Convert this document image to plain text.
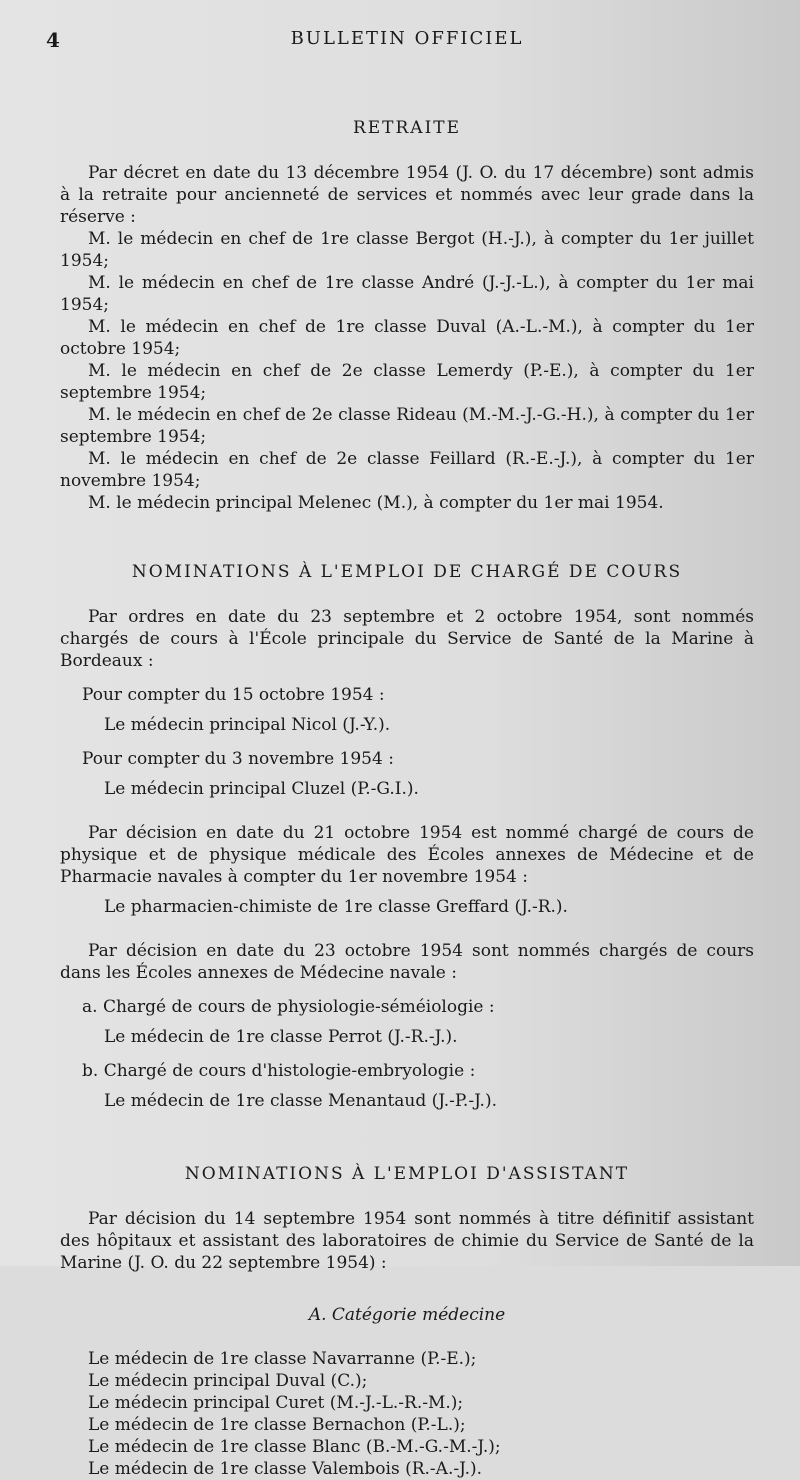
4	BULLETIN OFFICIEL
RETRAITE

Par décret en date du 13 décembre 1954 (J. O. du 17 décembre) sont admis à la retraite pour ancienneté de services et nommés avec leur grade dans la réserve :

M. le médecin en chef de 1re classe Bergot (H.-J.), à compter du 1er juillet 1954;

M. le médecin en chef de 1re classe André (J.-J.-L.), à compter du 1er mai 1954;

M. le médecin en chef de 1re classe Duval (A.-L.-M.), à compter du 1er octobre 1954;

M. le médecin en chef de 2e classe Lemerdy (P.-E.), à compter du 1er septembre 1954;

M. le médecin en chef de 2e classe Rideau (M.-M.-J.-G.-H.), à compter du 1er septembre 1954;

M. le médecin en chef de 2e classe Feillard (R.-E.-J.), à compter du 1er novembre 1954;

M. le médecin principal Melenec (M.), à compter du 1er mai 1954.

NOMINATIONS À L'EMPLOI DE CHARGÉ DE COURS

Par ordres en date du 23 septembre et 2 octobre 1954, sont nommés chargés de cours à l'École principale du Service de Santé de la Marine à Bordeaux :

Pour compter du 15 octobre 1954 :

Le médecin principal Nicol (J.-Y.).

Pour compter du 3 novembre 1954 :

Le médecin principal Cluzel (P.-G.I.).

Par décision en date du 21 octobre 1954 est nommé chargé de cours de physique et de physique médicale des Écoles annexes de Médecine et de Pharmacie navales à compter du 1er novembre 1954 :

Le pharmacien-chimiste de 1re classe Greffard (J.-R.).

Par décision en date du 23 octobre 1954 sont nommés chargés de cours dans les Écoles annexes de Médecine navale :

a. Chargé de cours de physiologie-séméiologie :

Le médecin de 1re classe Perrot (J.-R.-J.).

b. Chargé de cours d'histologie-embryologie :

Le médecin de 1re classe Menantaud (J.-P.-J.).

NOMINATIONS À L'EMPLOI D'ASSISTANT

Par décision du 14 septembre 1954 sont nommés à titre définitif assistant des hôpitaux et assistant des laboratoires de chimie du Service de Santé de la Marine (J. O. du 22 septembre 1954) :

A. Catégorie médecine

Le médecin de 1re classe Navarranne (P.-E.);

Le médecin principal Duval (C.);

Le médecin principal Curet (M.-J.-L.-R.-M.);

Le médecin de 1re classe Bernachon (P.-L.);

Le médecin de 1re classe Blanc (B.-M.-G.-M.-J.);

Le médecin de 1re classe Valembois (R.-A.-J.).
